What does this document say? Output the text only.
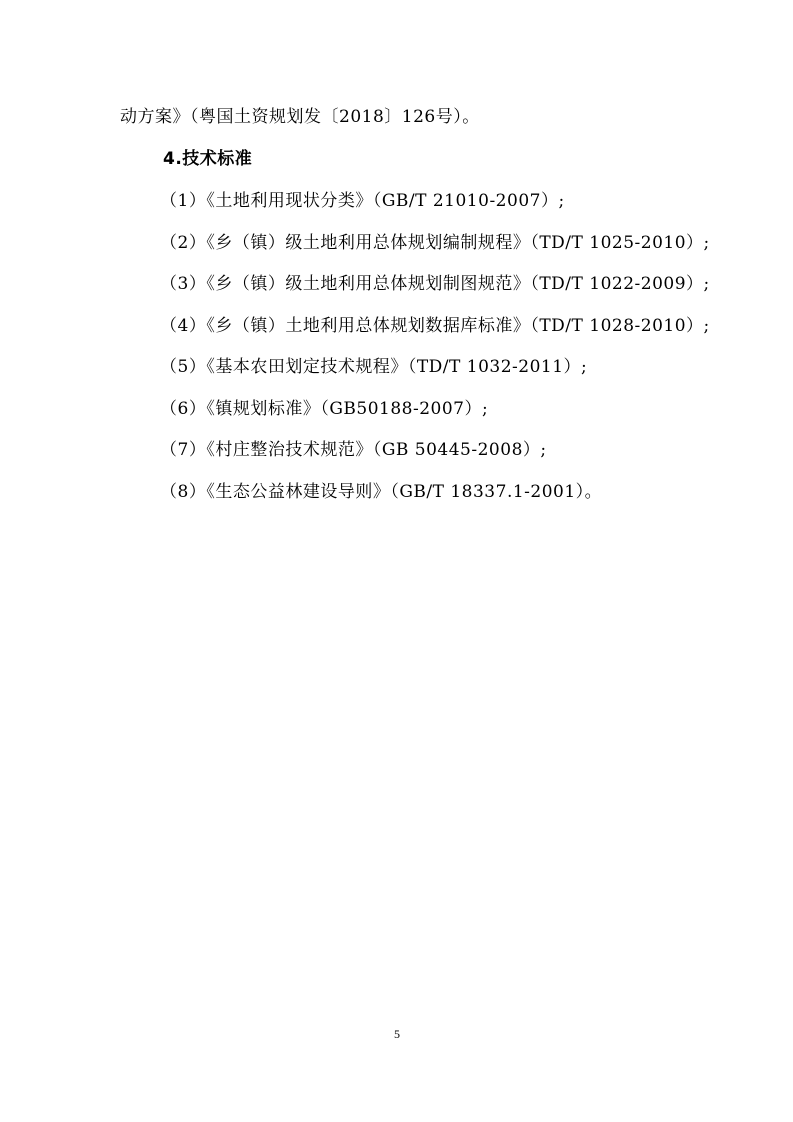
动方案》（粤国土资规划发〔2018〕126号）。
4.技术标准
（1）《土地利用现状分类》（GB/T 21010-2007）;
（2）《乡（镇）级土地利用总体规划编制规程》（TD/T 1025-2010）;
（3）《乡（镇）级土地利用总体规划制图规范》（TD/T 1022-2009）;
（4）《乡（镇）土地利用总体规划数据库标准》（TD/T 1028-2010）;
（5）《基本农田划定技术规程》（TD/T 1032-2011）;
（6）《镇规划标准》（GB50188-2007）;
（7）《村庄整治技术规范》（GB 50445-2008）;
（8）《生态公益林建设导则》（GB/T 18337.1-2001）。
5
